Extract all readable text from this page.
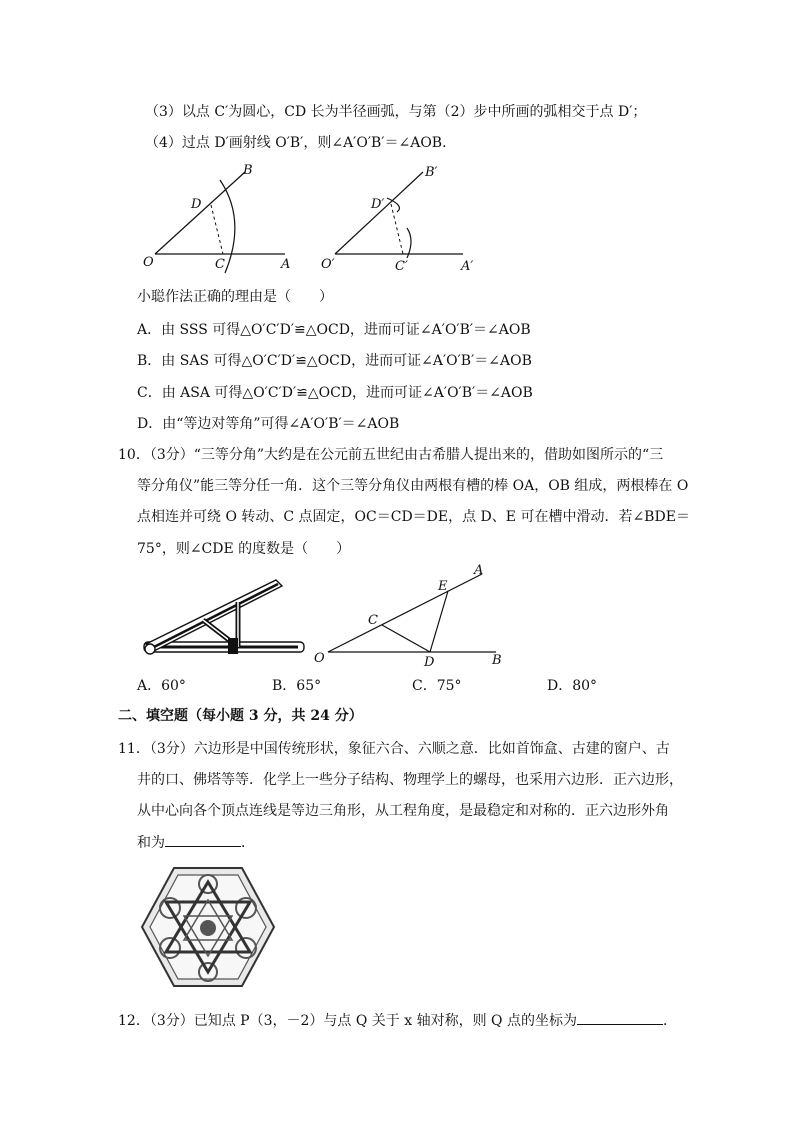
（3）以点 C′为圆心，CD 长为半径画弧，与第（2）步中所画的弧相交于点 D′；
（4）过点 D′画射线 O′B′，则∠A′O′B′＝∠AOB．
B
D
O	C	A
B′
D′
O′	C′	A′
小聪作法正确的理由是（　　）
A．由 SSS 可得△O′C′D′≌△OCD，进而可证∠A′O′B′＝∠AOB
B．由 SAS 可得△O′C′D′≌△OCD，进而可证∠A′O′B′＝∠AOB
C．由 ASA 可得△O′C′D′≌△OCD，进而可证∠A′O′B′＝∠AOB
D．由“等边对等角”可得∠A′O′B′＝∠AOB
10．（3分）“三等分角”大约是在公元前五世纪由古希腊人提出来的，借助如图所示的“三
等分角仪”能三等分任一角．这个三等分角仪由两根有槽的棒 OA，OB 组成，两根棒在 O
点相连并可绕 O 转动、C 点固定，OC＝CD＝DE，点 D、E 可在槽中滑动．若∠BDE＝
75°，则∠CDE 的度数是（　　）
A
E
C
O	D	B
A．60°	B．65°	C．75°	D．80°
二、填空题（每小题 3 分，共 24 分）
11．（3分）六边形是中国传统形状，象征六合、六顺之意．比如首饰盒、古建的窗户、古
井的口、佛塔等等．化学上一些分子结构、物理学上的螺母，也采用六边形．正六边形，
从中心向各个顶点连线是等边三角形，从工程角度，是最稳定和对称的．正六边形外角
和为	．
12．（3分）已知点 P（3，－2）与点 Q 关于 x 轴对称，则 Q 点的坐标为	．
